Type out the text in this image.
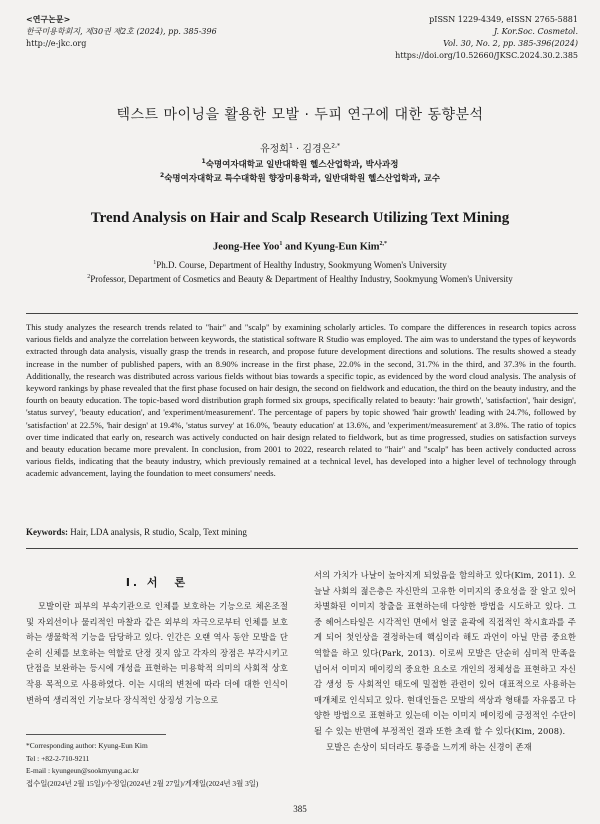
<연구논문>
한국미용학회지, 제30권 제2호 (2024), pp. 385-396
http://e-jkc.org
pISSN 1229-4349, eISSN 2765-5881
J. Kor.Soc. Cosmetol.
Vol. 30, No. 2, pp. 385-396(2024)
https://doi.org/10.52660/JKSC.2024.30.2.385
텍스트 마이닝을 활용한 모발 · 두피 연구에 대한 동향분석
유정희$^1$ · 김경은$^{2,*}$
$^1$숙명여자대학교 일반대학원 헬스산업학과, 박사과정
$^2$숙명여자대학교 특수대학원 향장미용학과, 일반대학원 헬스산업학과, 교수
Trend Analysis on Hair and Scalp Research Utilizing Text Mining
Jeong-Hee Yoo$^1$ and Kyung-Eun Kim$^{2,*}$
$^1$Ph.D. Course, Department of Healthy Industry, Sookmyung Women's University
$^2$Professor, Department of Cosmetics and Beauty & Department of Healthy Industry, Sookmyung Women's University
This study analyzes the research trends related to "hair" and "scalp" by examining scholarly articles. To compare the differences in research topics across various fields and analyze the correlation between keywords, the statistical software R Studio was employed. The aim was to understand the types of keywords extracted through data analysis, visually grasp the trends in research, and propose future development directions and solutions. The results showed a steady increase in the number of published papers, with an 8.90% increase in the first phase, 22.0% in the second, 31.7% in the third, and 37.3% in the fourth. Additionally, the research was distributed across various fields without bias towards a specific topic, as evidenced by the word cloud analysis. The analysis of keyword rankings by phase revealed that the first phase focused on hair design, the second on fieldwork and education, the third on the beauty industry, and the fourth on beauty education. The topic-based word distribution graph formed six groups, specifically related to beauty: 'hair growth', 'satisfaction', 'hair design', 'status survey', 'beauty education', and 'experiment/measurement'. The percentage of papers by topic showed 'hair growth' leading with 24.7%, followed by 'satisfaction' at 22.5%, 'hair design' at 19.4%, 'status survey' at 16.0%, 'beauty education' at 13.6%, and 'experiment/measurement' at 3.8%. The ratio of topics over time indicated that early on, research was actively conducted on hair design related to fieldwork, but as time progressed, studies on satisfaction surveys and beauty education became more prevalent. In conclusion, from 2001 to 2022, research related to "hair" and "scalp" has been actively conducted across various fields, indicating that the beauty industry, which previously remained at a technical level, has developed into a higher level of technology through academic advancement, laying the foundation to meet consumers' needs.
Keywords: Hair, LDA analysis, R studio, Scalp, Text mining
I. 서　론

모발이란 피부의 부속기관으로 인체를 보호하는 기능으로 체온조절 및 자외선이나 물리적인 마찰과 같은 외부의 자극으로부터 인체를 보호하는 생물학적 기능을 담당하고 있다. 인간은 오랜 역사 동안 모발을 단순히 신체를 보호하는 역할로 단정 짓지 않고 각자의 장점은 부각시키고 단점을 보완하는 등시에 개성을 표현하는 미용학적 의미의 사회적 상호작용 목적으로 사용하였다. 이는 시대의 변천에 따라 더에 대한 인식이 변하여 생리적인 기능보다 장식적인 상징성 기능으로

서의 가치가 나날이 높아지게 되었음을 함의하고 있다(Kim, 2011). 오늘날 사회의 젊은층은 자신만의 고유한 이미지의 중요성을 잘 알고 있어 차별화된 이미지 창출을 표현하는데 다양한 방법을 시도하고 있다. 그 중 헤어스타일은 시각적인 면에서 얼굴 윤곽에 직접적인 착시효과를 주게 되어 첫인상을 결정하는데 핵심이라 해도 과언이 아닐 만큼 중요한 역할을 하고 있다(Park, 2013). 이로써 모발은 단순히 심미적 만족을 넘어서 이미지 메이킹의 중요한 요소로 개인의 정체성을 표현하고 자신감 생성 등 사회적인 태도에 밀접한 관련이 있어 대표적으로 사용하는 매개체로 인식되고 있다. 현대인들은 모발의 색상과 형태를 자유롭고 다양한 방법으로 표현하고 있는데 이는 이미지 메이킹에 긍정적인 수단이 될 수 있는 반면에 부정적인 결과 또한 초래 할 수 있다(Kim, 2008).

모발은 손상이 되더라도 통증을 느끼게 하는 신경이 존재

*Corresponding author: Kyung-Eun Kim
Tel : +82-2-710-9211
E-mail : kyungeun@sookmyung.ac.kr
접수일(2024년 2월 15일)/수정일(2024년 2월 27일)/게재일(2024년 3월 3일)
385
